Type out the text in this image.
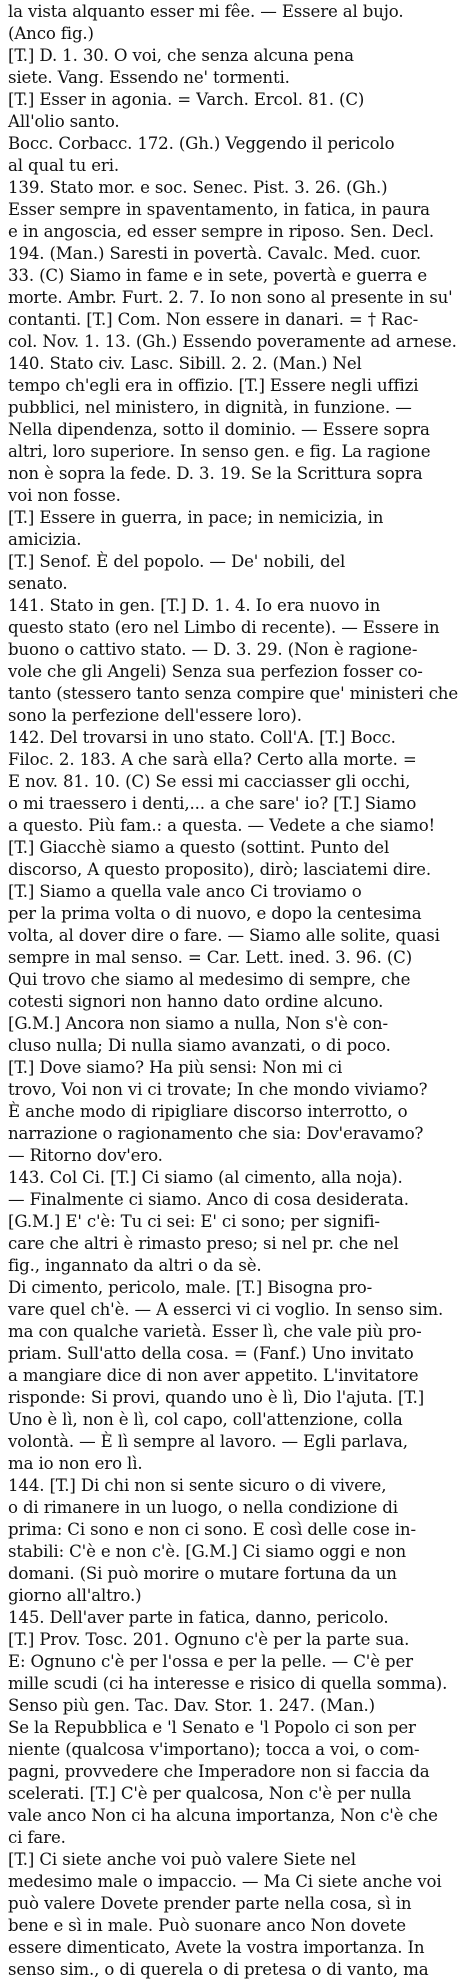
la vista alquanto esser mi fêe. — Essere al bujo.
(Anco fig.)
[T.] D. 1. 30. O voi, che senza alcuna pena
siete. Vang. Essendo ne' tormenti.
[T.] Esser in agonia. = Varch. Ercol. 81. (C)
All'olio santo.
Bocc. Corbacc. 172. (Gh.) Veggendo il pericolo
al qual tu eri.
139. Stato mor. e soc. Senec. Pist. 3. 26. (Gh.)
Esser sempre in spaventamento, in fatica, in paura
e in angoscia, ed esser sempre in riposo. Sen. Decl.
194. (Man.) Saresti in povertà. Cavalc. Med. cuor.
33. (C) Siamo in fame e in sete, povertà e guerra e
morte. Ambr. Furt. 2. 7. Io non sono al presente in su'
contanti. [T.] Com. Non essere in danari. = † Rac-
col. Nov. 1. 13. (Gh.) Essendo poveramente ad arnese.
140. Stato civ. Lasc. Sibill. 2. 2. (Man.) Nel
tempo ch'egli era in offizio. [T.] Essere negli uffizi
pubblici, nel ministero, in dignità, in funzione. —
Nella dipendenza, sotto il dominio. — Essere sopra
altri, loro superiore. In senso gen. e fig. La ragione
non è sopra la fede. D. 3. 19. Se la Scrittura sopra
voi non fosse.
[T.] Essere in guerra, in pace; in nemicizia, in
amicizia.
[T.] Senof. È del popolo. — De' nobili, del
senato.
141. Stato in gen. [T.] D. 1. 4. Io era nuovo in
questo stato (ero nel Limbo di recente). — Essere in
buono o cattivo stato. — D. 3. 29. (Non è ragione-
vole che gli Angeli) Senza sua perfezion fosser co-
tanto (stessero tanto senza compire que' ministeri che
sono la perfezione dell'essere loro).
142. Del trovarsi in uno stato. Coll'A. [T.] Bocc.
Filoc. 2. 183. A che sarà ella? Certo alla morte. =
E nov. 81. 10. (C) Se essi mi cacciasser gli occhi,
o mi traessero i denti,... a che sare' io? [T.] Siamo
a questo. Più fam.: a questa. — Vedete a che siamo!
[T.] Giacchè siamo a questo (sottint. Punto del
discorso, A questo proposito), dirò; lasciatemi dire.
[T.] Siamo a quella vale anco Ci troviamo o
per la prima volta o di nuovo, e dopo la centesima
volta, al dover dire o fare. — Siamo alle solite, quasi
sempre in mal senso. = Car. Lett. ined. 3. 96. (C)
Qui trovo che siamo al medesimo di sempre, che
cotesti signori non hanno dato ordine alcuno.
[G.M.] Ancora non siamo a nulla, Non s'è con-
cluso nulla; Di nulla siamo avanzati, o di poco.
[T.] Dove siamo? Ha più sensi: Non mi ci
trovo, Voi non vi ci trovate; In che mondo viviamo?
È anche modo di ripigliare discorso interrotto, o
narrazione o ragionamento che sia: Dov'eravamo?
— Ritorno dov'ero.
143. Col Ci. [T.] Ci siamo (al cimento, alla noja).
— Finalmente ci siamo. Anco di cosa desiderata.
[G.M.] E' c'è: Tu ci sei: E' ci sono; per signifi-
care che altri è rimasto preso; si nel pr. che nel
fig., ingannato da altri o da sè.
Di cimento, pericolo, male. [T.] Bisogna pro-
vare quel ch'è. — A esserci vi ci voglio. In senso sim.
ma con qualche varietà. Esser lì, che vale più pro-
priam. Sull'atto della cosa. = (Fanf.) Uno invitato
a mangiare dice di non aver appetito. L'invitatore
risponde: Si provi, quando uno è lì, Dio l'ajuta. [T.]
Uno è lì, non è lì, col capo, coll'attenzione, colla
volontà. — È lì sempre al lavoro. — Egli parlava,
ma io non ero lì.
144. [T.] Di chi non si sente sicuro o di vivere,
o di rimanere in un luogo, o nella condizione di
prima: Ci sono e non ci sono. E così delle cose in-
stabili: C'è e non c'è. [G.M.] Ci siamo oggi e non
domani. (Si può morire o mutare fortuna da un
giorno all'altro.)
145. Dell'aver parte in fatica, danno, pericolo.
[T.] Prov. Tosc. 201. Ognuno c'è per la parte sua.
E: Ognuno c'è per l'ossa e per la pelle. — C'è per
mille scudi (ci ha interesse e risico di quella somma).
Senso più gen. Tac. Dav. Stor. 1. 247. (Man.)
Se la Repubblica e 'l Senato e 'l Popolo ci son per
niente (qualcosa v'importano); tocca a voi, o com-
pagni, provvedere che Imperadore non si faccia da
scelerati. [T.] C'è per qualcosa, Non c'è per nulla
vale anco Non ci ha alcuna importanza, Non c'è che
ci fare.
[T.] Ci siete anche voi può valere Siete nel
medesimo male o impaccio. — Ma Ci siete anche voi
può valere Dovete prender parte nella cosa, sì in
bene e sì in male. Può suonare anco Non dovete
essere dimenticato, Avete la vostra importanza. In
senso sim., o di querela o di pretesa o di vanto, ma
